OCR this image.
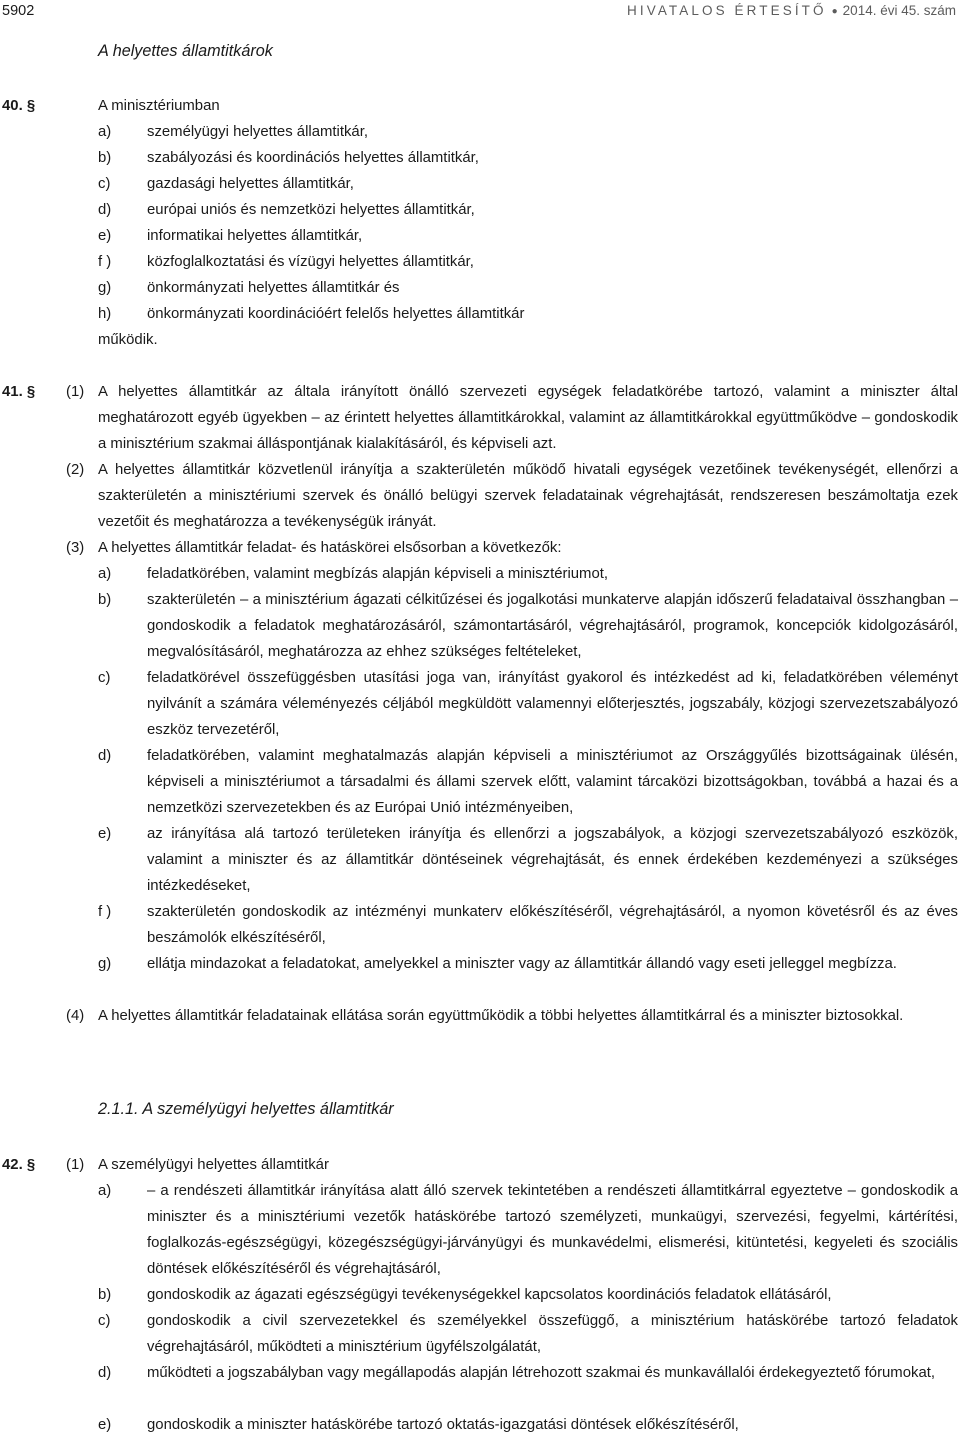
5902	HIVATALOS ÉRTESÍTŐ ● 2014. évi 45. szám
A helyettes államtitkárok
40. §	A minisztériumban
a) személyügyi helyettes államtitkár,
b) szabályozási és koordinációs helyettes államtitkár,
c) gazdasági helyettes államtitkár,
d) európai uniós és nemzetközi helyettes államtitkár,
e) informatikai helyettes államtitkár,
f ) közfoglalkoztatási és vízügyi helyettes államtitkár,
g) önkormányzati helyettes államtitkár és
h) önkormányzati koordinációért felelős helyettes államtitkár
működik.
41. § (1) A helyettes államtitkár az általa irányított önálló szervezeti egységek feladatkörébe tartozó, valamint a miniszter által meghatározott egyéb ügyekben – az érintett helyettes államtitkárokkal, valamint az államtitkárokkal együttműködve – gondoskodik a minisztérium szakmai álláspontjának kialakításáról, és képviseli azt.
(2) A helyettes államtitkár közvetlenül irányítja a szakterületén működő hivatali egységek vezetőinek tevékenységét, ellenőrzi a szakterületén a minisztériumi szervek és önálló belügyi szervek feladatainak végrehajtását, rendszeresen beszámoltatja ezek vezetőit és meghatározza a tevékenységük irányát.
(3) A helyettes államtitkár feladat- és hatáskörei elsősorban a következők:
a) feladatkörében, valamint megbízás alapján képviseli a minisztériumot,
b) szakterületén – a minisztérium ágazati célkitűzései és jogalkotási munkaterve alapján időszerű feladataival összhangban – gondoskodik a feladatok meghatározásáról, számontartásáról, végrehajtásáról, programok, koncepciók kidolgozásáról, megvalósításáról, meghatározza az ehhez szükséges feltételeket,
c) feladatkörével összefüggésben utasítási joga van, irányítást gyakorol és intézkedést ad ki, feladatkörében véleményt nyilvánít a számára véleményezés céljából megküldött valamennyi előterjesztés, jogszabály, közjogi szervezetszabályozó eszköz tervezetéről,
d) feladatkörében, valamint meghatalmazás alapján képviseli a minisztériumot az Országgyűlés bizottságainak ülésén, képviseli a minisztériumot a társadalmi és állami szervek előtt, valamint tárcaközi bizottságokban, továbbá a hazai és a nemzetközi szervezetekben és az Európai Unió intézményeiben,
e) az irányítása alá tartozó területeken irányítja és ellenőrzi a jogszabályok, a közjogi szervezetszabályozó eszközök, valamint a miniszter és az államtitkár döntéseinek végrehajtását, és ennek érdekében kezdeményezi a szükséges intézkedéseket,
f ) szakterületén gondoskodik az intézményi munkaterv előkészítéséről, végrehajtásáról, a nyomon követésről és az éves beszámolók elkészítéséről,
g) ellátja mindazokat a feladatokat, amelyekkel a miniszter vagy az államtitkár állandó vagy eseti jelleggel megbízza.
(4) A helyettes államtitkár feladatainak ellátása során együttműködik a többi helyettes államtitkárral és a miniszter biztosokkal.
2.1.1. A személyügyi helyettes államtitkár
42. § (1) A személyügyi helyettes államtitkár
a) – a rendészeti államtitkár irányítása alatt álló szervek tekintetében a rendészeti államtitkárral egyeztetve – gondoskodik a miniszter és a minisztériumi vezetők hatáskörébe tartozó személyzeti, munkaügyi, szervezési, fegyelmi, kártérítési, foglalkozás-egészségügyi, közegészségügyi-járványügyi és munkavédelmi, elismerési, kitüntetési, kegyeleti és szociális döntések előkészítéséről és végrehajtásáról,
b) gondoskodik az ágazati egészségügyi tevékenységekkel kapcsolatos koordinációs feladatok ellátásáról,
c) gondoskodik a civil szervezetekkel és személyekkel összefüggő, a minisztérium hatáskörébe tartozó feladatok végrehajtásáról, működteti a minisztérium ügyfélszolgálatát,
d) működteti a jogszabályban vagy megállapodás alapján létrehozott szakmai és munkavállalói érdekegyeztető fórumokat,
e) gondoskodik a miniszter hatáskörébe tartozó oktatás-igazgatási döntések előkészítéséről,
